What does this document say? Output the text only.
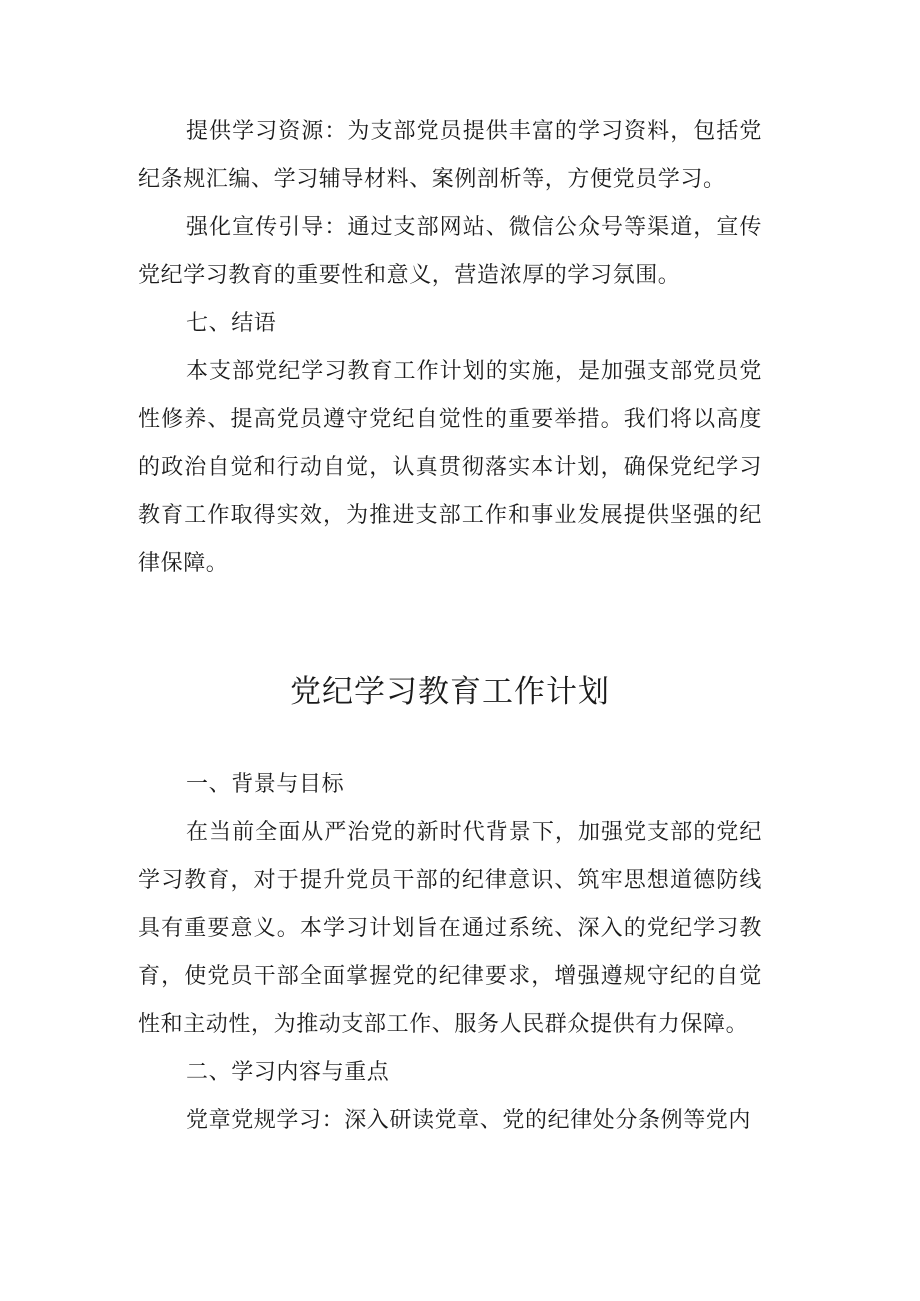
提供学习资源：为支部党员提供丰富的学习资料，包括党纪条规汇编、学习辅导材料、案例剖析等，方便党员学习。

强化宣传引导：通过支部网站、微信公众号等渠道，宣传党纪学习教育的重要性和意义，营造浓厚的学习氛围。

七、结语

本支部党纪学习教育工作计划的实施，是加强支部党员党性修养、提高党员遵守党纪自觉性的重要举措。我们将以高度的政治自觉和行动自觉，认真贯彻落实本计划，确保党纪学习教育工作取得实效，为推进支部工作和事业发展提供坚强的纪律保障。

党纪学习教育工作计划

一、背景与目标

在当前全面从严治党的新时代背景下，加强党支部的党纪学习教育，对于提升党员干部的纪律意识、筑牢思想道德防线具有重要意义。本学习计划旨在通过系统、深入的党纪学习教育，使党员干部全面掌握党的纪律要求，增强遵规守纪的自觉性和主动性，为推动支部工作、服务人民群众提供有力保障。

二、学习内容与重点

党章党规学习：深入研读党章、党的纪律处分条例等党内
